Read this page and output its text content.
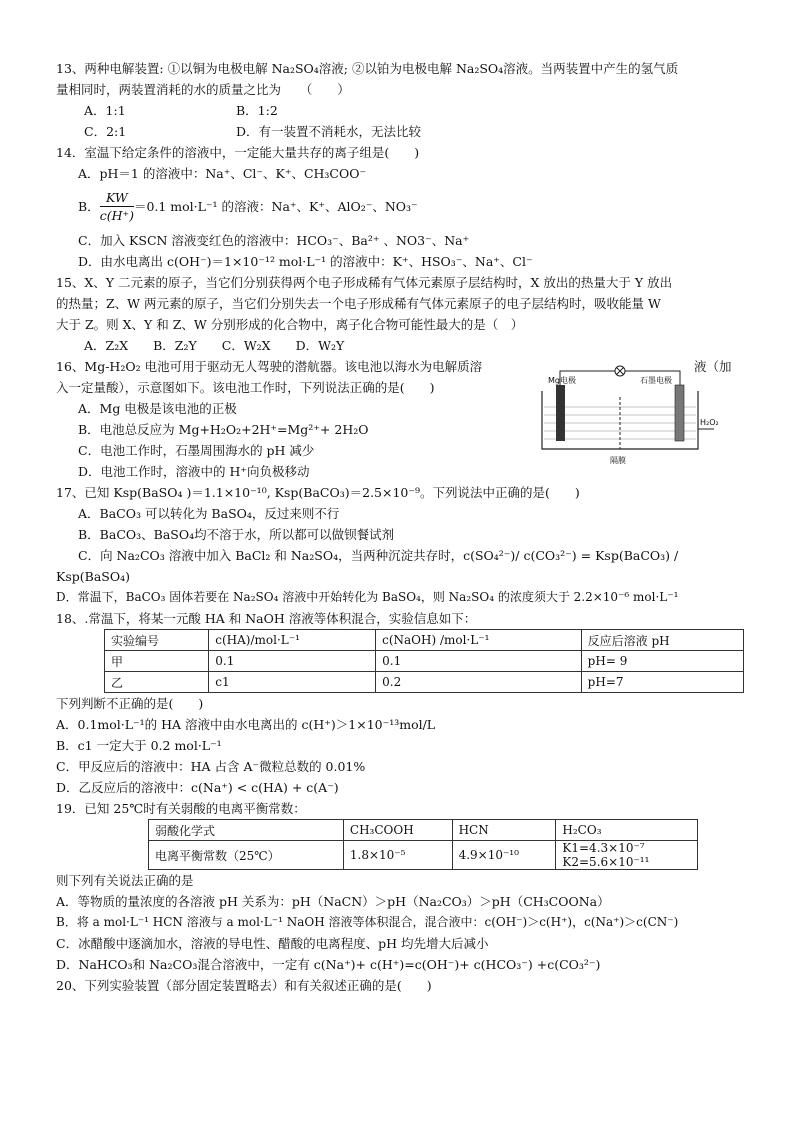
13、两种电解装置: ①以铜为电极电解 Na₂SO₄溶液; ②以铂为电极电解 Na₂SO₄溶液。当两装置中产生的氢气质
量相同时，两装置消耗的水的质量之比为　　（　　）
A．1:1	B．1:2
C．2:1	D．有一装置不消耗水，无法比较
14．室温下给定条件的溶液中，一定能大量共存的离子组是(　　)
A．pH＝1 的溶液中：Na⁺、Cl⁻、K⁺、CH₃COO⁻
B． $\frac{KW}{c(H^+)} =0.1$ mol·L⁻¹ 的溶液：Na⁺、K⁺、AlO₂⁻、NO₃⁻
C．加入 KSCN 溶液变红色的溶液中：HCO₃⁻、Ba²⁺ 、NO3⁻、Na⁺
D．由水电离出 c(OH⁻)＝1×10⁻¹² mol·L⁻¹ 的溶液中：K⁺、HSO₃⁻、Na⁺、Cl⁻
15、X、Y 二元素的原子，当它们分别获得两个电子形成稀有气体元素原子层结构时，X 放出的热量大于 Y 放出
的热量；Z、W 两元素的原子，当它们分别失去一个电子形成稀有气体元素原子的电子层结构时，吸收能量 W
大于 Z。则 X、Y 和 Z、W 分别形成的化合物中，离子化合物可能性最大的是（　）
A．Z₂X　　B．Z₂Y　　C．W₂X　　D．W₂Y
16、Mg-H₂O₂ 电池可用于驱动无人驾驶的潜航器。该电池以海水为电解质溶	液（加
入一定量酸），示意图如下。该电池工作时，下列说法正确的是(　　)
A．Mg 电极是该电池的正极
B．电池总反应为 Mg+H₂O₂+2H⁺=Mg²⁺+ 2H₂O
C．电池工作时，石墨周围海水的 pH 减少
D．电池工作时，溶液中的 H⁺向负极移动
17、已知 Ksp(BaSO₄ )＝1.1×10⁻¹⁰, Ksp(BaCO₃)＝2.5×10⁻⁹。下列说法中正确的是(　　)
A．BaCO₃ 可以转化为 BaSO₄，反过来则不行
B．BaCO₃、BaSO₄均不溶于水，所以都可以做钡餐试剂
C．向 Na₂CO₃ 溶液中加入 BaCl₂ 和 Na₂SO₄，当两种沉淀共存时，c(SO₄²⁻)/ c(CO₃²⁻) = Ksp(BaCO₃) /
Ksp(BaSO₄)
D．常温下，BaCO₃ 固体若要在 Na₂SO₄ 溶液中开始转化为 BaSO₄，则 Na₂SO₄ 的浓度须大于 2.2×10⁻⁶ mol·L⁻¹
18、.常温下，将某一元酸 HA 和 NaOH 溶液等体积混合，实验信息如下：
实验编号	c(HA)/mol·L⁻¹	c(NaOH) /mol·L⁻¹	反应后溶液 pH
甲	0.1	0.1	pH= 9
乙	c1	0.2	pH=7
下列判断不正确的是(　　)
A．0.1mol·L⁻¹的 HA 溶液中由水电离出的 c(H⁺)＞1×10⁻¹³mol/L
B．c1 一定大于 0.2 mol·L⁻¹
C．甲反应后的溶液中：HA 占含 A⁻微粒总数的 0.01%
D．乙反应后的溶液中：c(Na⁺) < c(HA) + c(A⁻)
19．已知 25℃时有关弱酸的电离平衡常数：
弱酸化学式	CH₃COOH	HCN	H₂CO₃
电离平衡常数（25℃）	1.8×10⁻⁵	4.9×10⁻¹⁰	K1=4.3×10⁻⁷
K2=5.6×10⁻¹¹
则下列有关说法正确的是
A．等物质的量浓度的各溶液 pH 关系为：pH（NaCN）＞pH（Na₂CO₃）＞pH（CH₃COONa）
B．将 a mol·L⁻¹ HCN 溶液与 a mol·L⁻¹ NaOH 溶液等体积混合，混合液中：c(OH⁻)＞c(H⁺)，c(Na⁺)＞c(CN⁻)
C．冰醋酸中逐滴加水，溶液的导电性、醋酸的电离程度、pH 均先增大后减小
D．NaHCO₃和 Na₂CO₃混合溶液中，一定有 c(Na⁺)+ c(H⁺)=c(OH⁻)+ c(HCO₃⁻) +c(CO₃²⁻)
20、下列实验装置（部分固定装置略去）和有关叙述正确的是(　　)
Mg电极	石墨电极
H₂O₂
隔膜
